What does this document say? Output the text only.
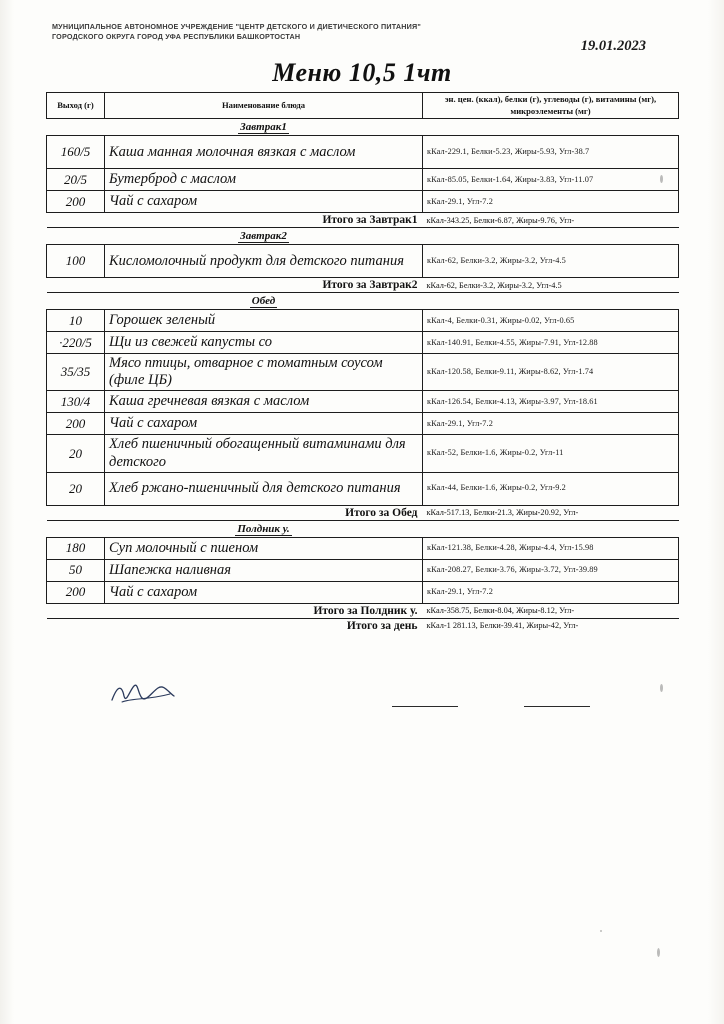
МУНИЦИПАЛЬНОЕ АВТОНОМНОЕ УЧРЕЖДЕНИЕ "ЦЕНТР ДЕТСКОГО И ДИЕТИЧЕСКОГО ПИТАНИЯ" ГОРОДСКОГО ОКРУГА ГОРОД УФА РЕСПУБЛИКИ БАШКОРТОСТАН
19.01.2023
Меню 10,5 1чт
Выход (г)	Наименование блюда	эн. цен. (ккал), белки (г), углеводы (г), витамины (мг), микроэлементы (мг)
	Завтрак1	
160/5	Каша манная молочная вязкая с маслом	кКал-229.1, Белки-5.23, Жиры-5.93, Угл-38.7
20/5	Бутерброд с маслом	кКал-85.05, Белки-1.64, Жиры-3.83, Угл-11.07
200	Чай с сахаром	кКал-29.1, Угл-7.2
Итого за Завтрак1		кКал-343.25, Белки-6.87, Жиры-9.76, Угл-
	Завтрак2	
100	Кисломолочный продукт для детского питания	кКал-62, Белки-3.2, Жиры-3.2, Угл-4.5
Итого за Завтрак2		кКал-62, Белки-3.2, Жиры-3.2, Угл-4.5
	Обед	
10	Горошек зеленый	кКал-4, Белки-0.31, Жиры-0.02, Угл-0.65
·220/5	Щи из свежей капусты со	кКал-140.91, Белки-4.55, Жиры-7.91, Угл-12.88
35/35	Мясо птицы, отварное с томатным соусом (филе ЦБ)	кКал-120.58, Белки-9.11, Жиры-8.62, Угл-1.74
130/4	Каша гречневая вязкая с маслом	кКал-126.54, Белки-4.13, Жиры-3.97, Угл-18.61
200	Чай с сахаром	кКал-29.1, Угл-7.2
20	Хлеб пшеничный обогащенный витаминами для детского	кКал-52, Белки-1.6, Жиры-0.2, Угл-11
20	Хлеб ржано-пшеничный для детского питания	кКал-44, Белки-1.6, Жиры-0.2, Угл-9.2
Итого за Обед		кКал-517.13, Белки-21.3, Жиры-20.92, Угл-
	Полдник у.	
180	Суп молочный с пшеном	кКал-121.38, Белки-4.28, Жиры-4.4, Угл-15.98
50	Шапежка наливная	кКал-208.27, Белки-3.76, Жиры-3.72, Угл-39.89
200	Чай с сахаром	кКал-29.1, Угл-7.2
Итого за Полдник у.		кКал-358.75, Белки-8.04, Жиры-8.12, Угл-
Итого за день		кКал-1 281.13, Белки-39.41, Жиры-42, Угл-
